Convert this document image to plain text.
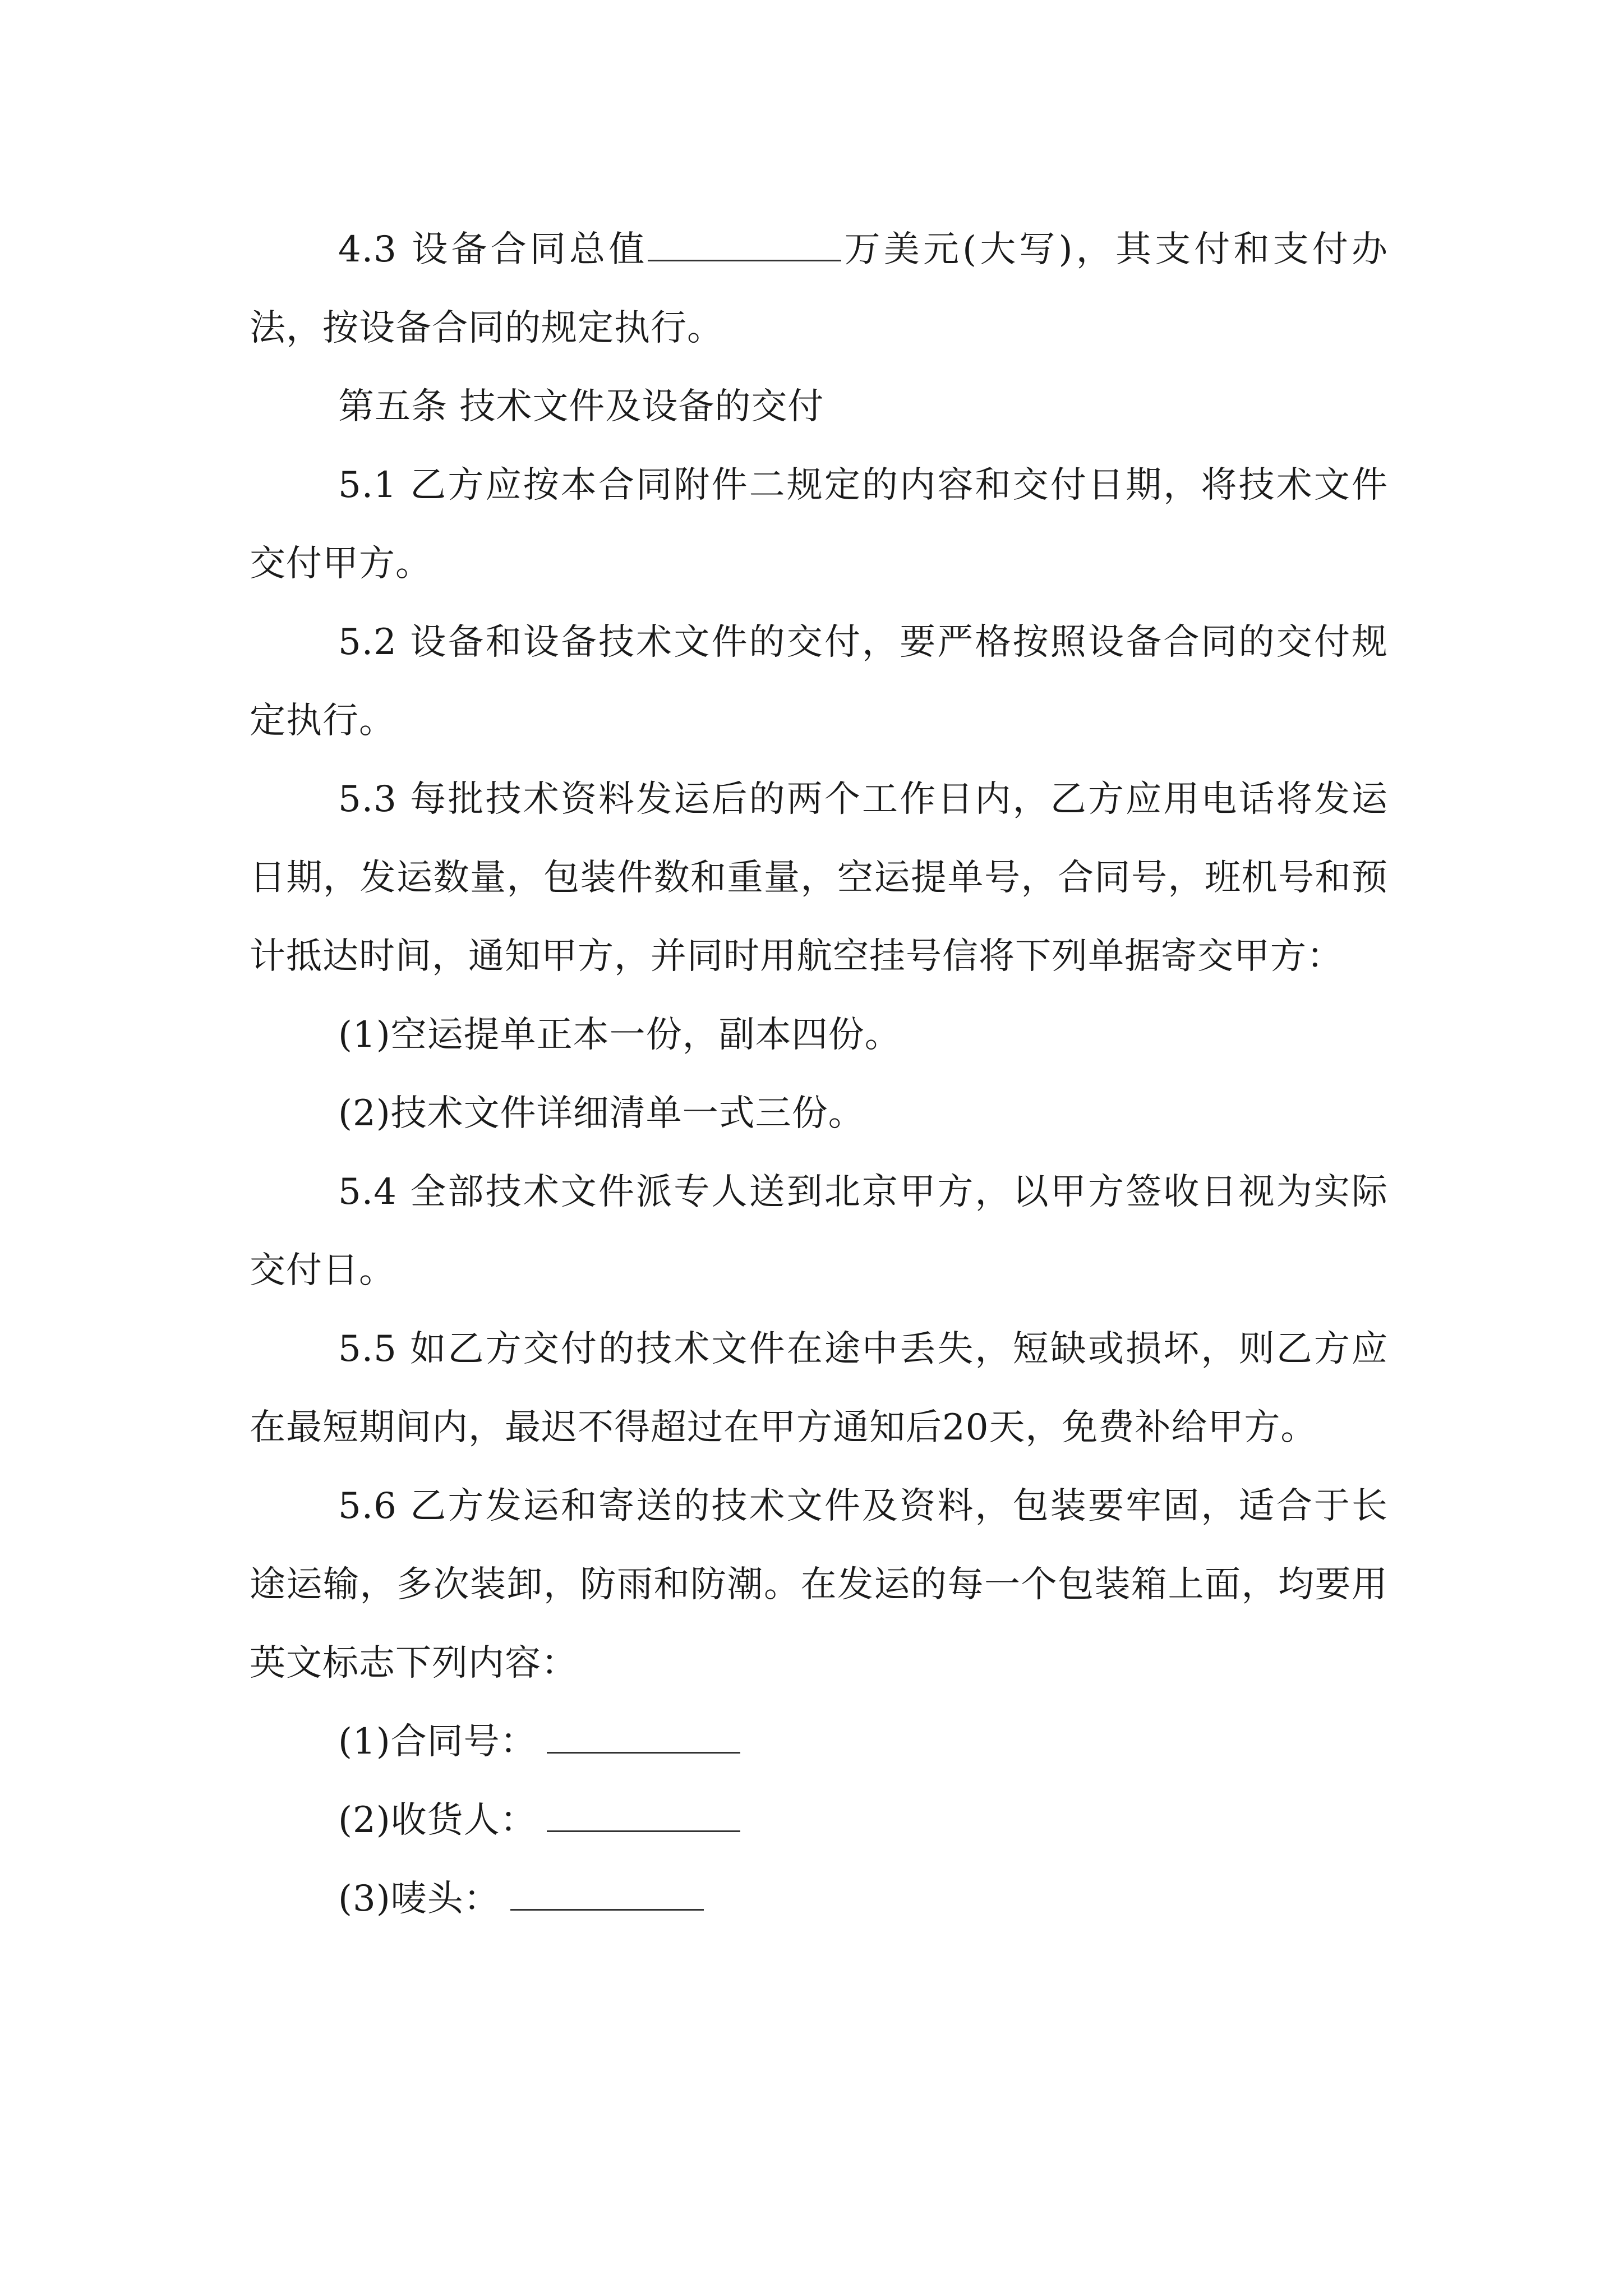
4.3 设备合同总值	万美元(大写)，其支付和支付办法，按设备合同的规定执行。

第五条 技术文件及设备的交付

5.1 乙方应按本合同附件二规定的内容和交付日期，将技术文件交付甲方。

5.2 设备和设备技术文件的交付，要严格按照设备合同的交付规定执行。

5.3 每批技术资料发运后的两个工作日内，乙方应用电话将发运日期，发运数量，包装件数和重量，空运提单号，合同号，班机号和预计抵达时间，通知甲方，并同时用航空挂号信将下列单据寄交甲方：

(1)空运提单正本一份，副本四份。

(2)技术文件详细清单一式三份。

5.4 全部技术文件派专人送到北京甲方，以甲方签收日视为实际交付日。

5.5 如乙方交付的技术文件在途中丢失，短缺或损坏，则乙方应在最短期间内，最迟不得超过在甲方通知后20天，免费补给甲方。

5.6 乙方发运和寄送的技术文件及资料，包装要牢固，适合于长途运输，多次装卸，防雨和防潮。在发运的每一个包装箱上面，均要用英文标志下列内容：

(1)合同号：

(2)收货人：

(3)唛头：
